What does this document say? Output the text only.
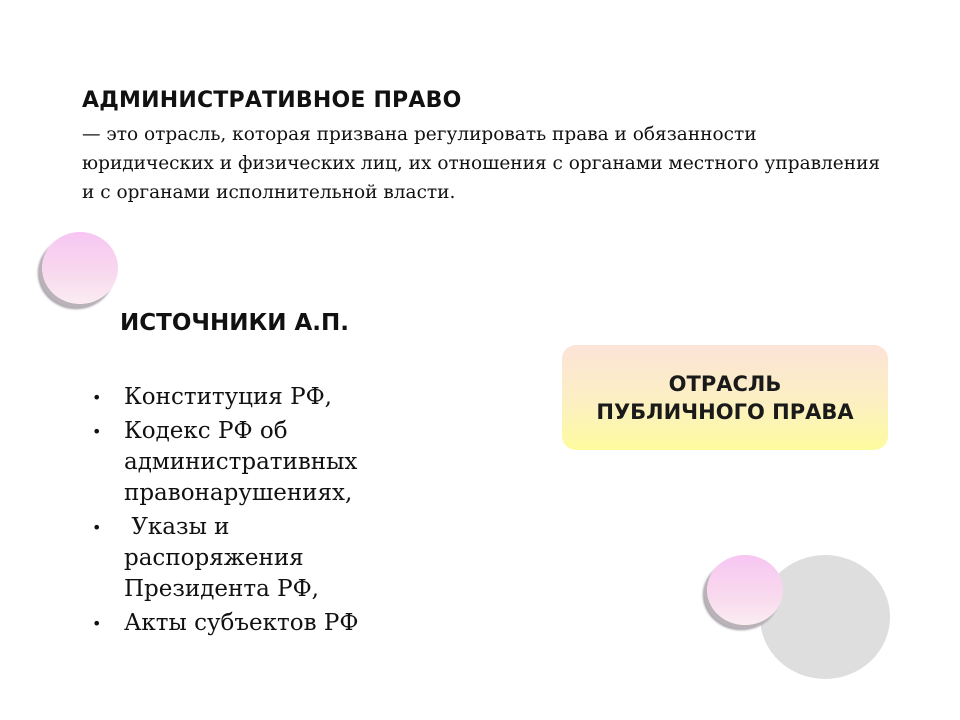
АДМИНИСТРАТИВНОЕ ПРАВО

— это отрасль, которая призвана регулировать права и обязанности юридических и физических лиц, их отношения с органами местного управления и с органами исполнительной власти.

ИСТОЧНИКИ А.П.
• Конституция РФ,
• Кодекс РФ об административных правонарушениях,
• Указы и распоряжения Президента РФ,
• Акты субъектов РФ
ОТРАСЛЬ
ПУБЛИЧНОГО ПРАВА
